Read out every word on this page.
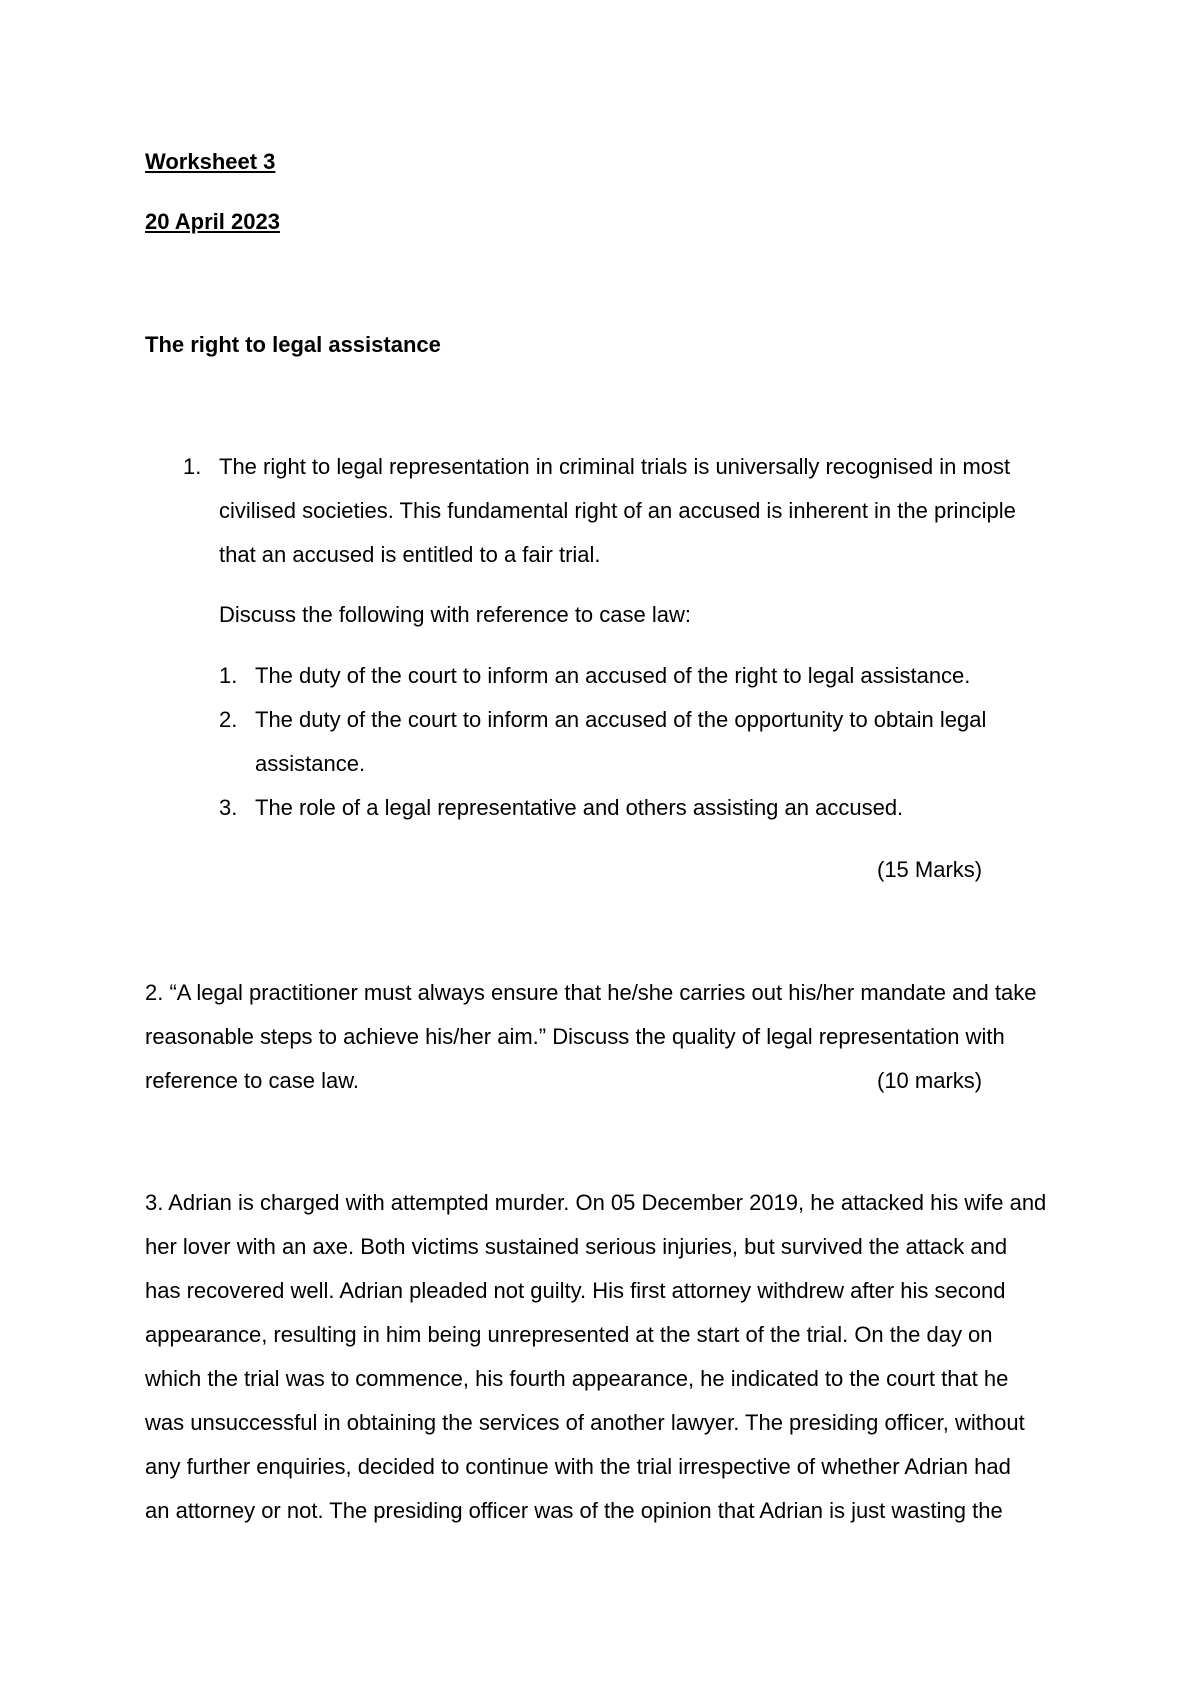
Worksheet 3
20 April 2023
The right to legal assistance
1. The right to legal representation in criminal trials is universally recognised in most
civilised societies. This fundamental right of an accused is inherent in the principle
that an accused is entitled to a fair trial.
Discuss the following with reference to case law:
1. The duty of the court to inform an accused of the right to legal assistance.
2. The duty of the court to inform an accused of the opportunity to obtain legal
assistance.
3. The role of a legal representative and others assisting an accused.
(15 Marks)
2. “A legal practitioner must always ensure that he/she carries out his/her mandate and take
reasonable steps to achieve his/her aim.” Discuss the quality of legal representation with
reference to case law.	(10 marks)
3. Adrian is charged with attempted murder. On 05 December 2019, he attacked his wife and
her lover with an axe. Both victims sustained serious injuries, but survived the attack and
has recovered well. Adrian pleaded not guilty. His first attorney withdrew after his second
appearance, resulting in him being unrepresented at the start of the trial. On the day on
which the trial was to commence, his fourth appearance, he indicated to the court that he
was unsuccessful in obtaining the services of another lawyer. The presiding officer, without
any further enquiries, decided to continue with the trial irrespective of whether Adrian had
an attorney or not. The presiding officer was of the opinion that Adrian is just wasting the
